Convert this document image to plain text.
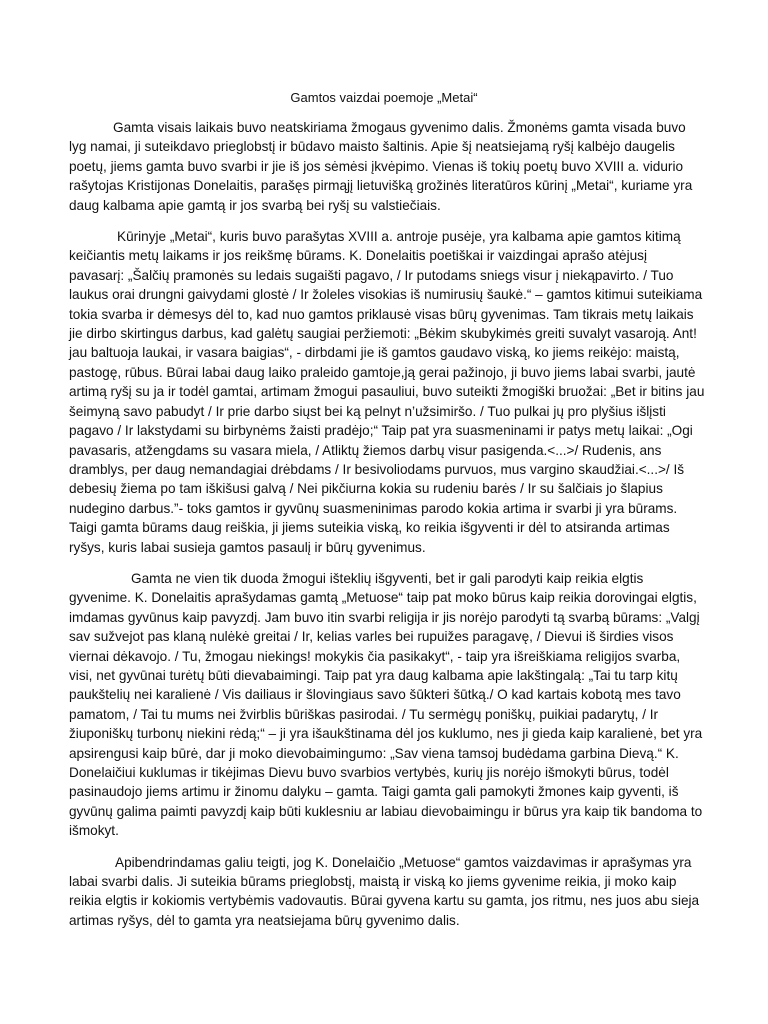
Gamtos vaizdai poemoje „Metai“

Gamta visais laikais buvo neatskiriama žmogaus gyvenimo dalis. Žmonėms gamta visada buvo lyg namai, ji suteikdavo prieglobstį ir būdavo maisto šaltinis. Apie šį neatsiejamą ryšį kalbėjo daugelis poetų, jiems gamta buvo svarbi ir jie iš jos sėmėsi įkvėpimo. Vienas iš tokių poetų buvo XVIII a. vidurio rašytojas Kristijonas Donelaitis, parašęs pirmąjį lietuvišką grožinės literatūros kūrinį „Metai“, kuriame yra daug kalbama apie gamtą ir jos svarbą bei ryšį su valstiečiais.

Kūrinyje „Metai“, kuris buvo parašytas XVIII a. antroje pusėje, yra kalbama apie gamtos kitimą keičiantis metų laikams ir jos reikšmę būrams. K. Donelaitis poetiškai ir vaizdingai aprašo atėjusį pavasarį: „Šalčių pramonės su ledais sugaišti pagavo, / Ir putodams sniegs visur į niekąpavirto. / Tuo laukus orai drungni gaivydami glostė / Ir žoleles visokias iš numirusių šaukė.“ – gamtos kitimui suteikiama tokia svarba ir dėmesys dėl to, kad nuo gamtos priklausė visas būrų gyvenimas. Tam tikrais metų laikais jie dirbo skirtingus darbus, kad galėtų saugiai peržiemoti: „Bėkim skubykimės greiti suvalyt vasaroją. Ant! jau baltuoja laukai, ir vasara baigias“, - dirbdami jie iš gamtos gaudavo viską, ko jiems reikėjo: maistą, pastogę, rūbus. Būrai labai daug laiko praleido gamtoje,ją gerai pažinojo, ji buvo jiems labai svarbi, jautė artimą ryšį su ja ir todėl gamtai, artimam žmogui pasauliui, buvo suteikti žmogiški bruožai: „Bet ir bitins jau šeimyną savo pabudyt / Ir prie darbo siųst bei ką pelnyt n’užsimiršo. / Tuo pulkai jų pro plyšius išlįsti pagavo / Ir lakstydami su birbynėms žaisti pradėjo;“ Taip pat yra suasmeninami ir patys metų laikai: „Ogi pavasaris, atžengdams su vasara miela, / Atliktų žiemos darbų visur pasigenda.<...>/ Rudenis, ans dramblys, per daug nemandagiai drėbdams / Ir besivoliodams purvuos, mus vargino skaudžiai.<...>/ Iš debesių žiema po tam iškišusi galvą / Nei pikčiurna kokia su rudeniu barės / Ir su šalčiais jo šlapius nudegino darbus.”- toks gamtos ir gyvūnų suasmeninimas parodo kokia artima ir svarbi ji yra būrams. Taigi gamta būrams daug reiškia, ji jiems suteikia viską, ko reikia išgyventi ir dėl to atsiranda artimas ryšys, kuris labai susieja gamtos pasaulį ir būrų gyvenimus.

Gamta ne vien tik duoda žmogui išteklių išgyventi, bet ir gali parodyti kaip reikia elgtis gyvenime. K. Donelaitis aprašydamas gamtą „Metuose“ taip pat moko būrus kaip reikia dorovingai elgtis, imdamas gyvūnus kaip pavyzdį. Jam buvo itin svarbi religija ir jis norėjo parodyti tą svarbą būrams: „Valgį sav sužvejot pas klaną nulėkė greitai / Ir, kelias varles bei rupuižes paragavę, / Dievui iš širdies visos viernai dėkavojo. / Tu, žmogau niekings! mokykis čia pasikakyt“, - taip yra išreiškiama religijos svarba, visi, net gyvūnai turėtų būti dievabaimingi. Taip pat yra daug kalbama apie lakštingalą: „Tai tu tarp kitų paukštelių nei karalienė / Vis dailiaus ir šlovingiaus savo šūkteri šūtką./ O kad kartais kobotą mes tavo pamatom, / Tai tu mums nei žvirblis būriškas pasirodai. / Tu sermėgų poniškų, puikiai padarytų, / Ir žiuponiškų turbonų niekini rėdą;“ – ji yra išaukštinama dėl jos kuklumo, nes ji gieda kaip karalienė, bet yra apsirengusi kaip būrė, dar ji moko dievobaimingumo: „Sav viena tamsoj budėdama garbina Dievą.“ K. Donelaičiui kuklumas ir tikėjimas Dievu buvo svarbios vertybės, kurių jis norėjo išmokyti būrus, todėl pasinaudojo jiems artimu ir žinomu dalyku – gamta. Taigi gamta gali pamokyti žmones kaip gyventi, iš gyvūnų galima paimti pavyzdį kaip būti kuklesniu ar labiau dievobaimingu ir būrus yra kaip tik bandoma to išmokyt.

Apibendrindamas galiu teigti, jog K. Donelaičio „Metuose“ gamtos vaizdavimas ir aprašymas yra labai svarbi dalis. Ji suteikia būrams prieglobstį, maistą ir viską ko jiems gyvenime reikia, ji moko kaip reikia elgtis ir kokiomis vertybėmis vadovautis. Būrai gyvena kartu su gamta, jos ritmu, nes juos abu sieja artimas ryšys, dėl to gamta yra neatsiejama būrų gyvenimo dalis.
